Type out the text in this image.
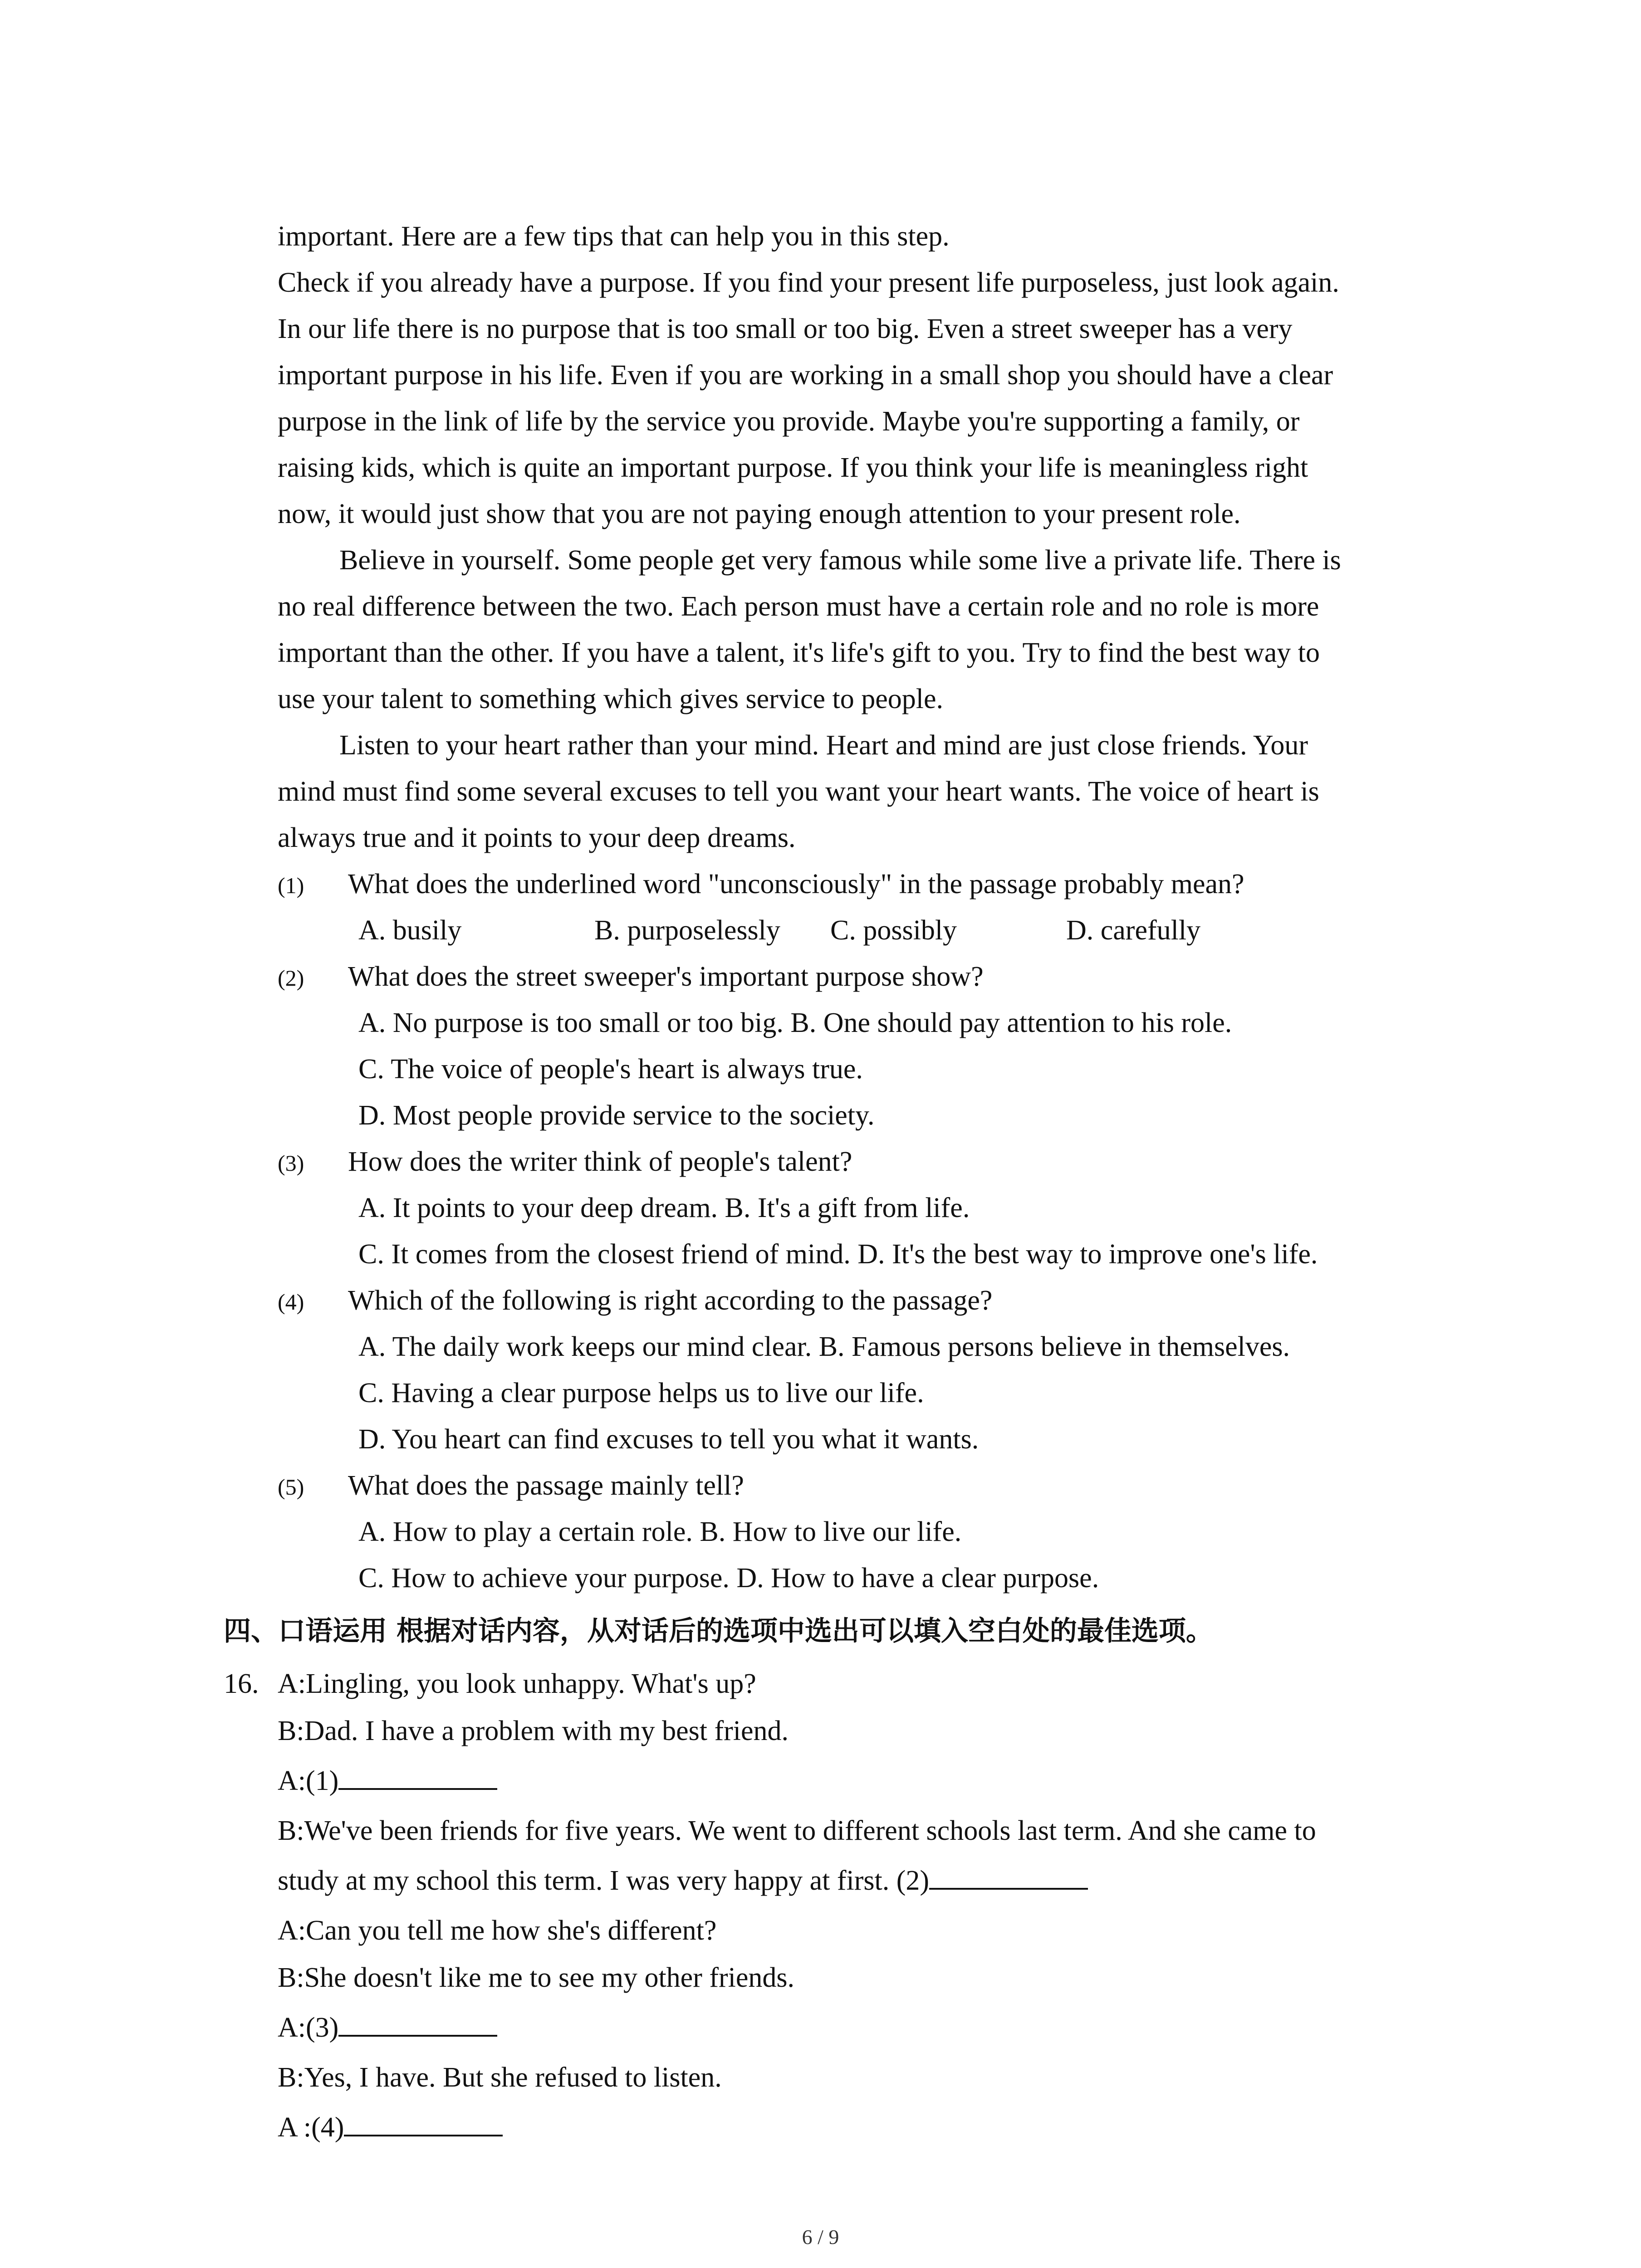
important. Here are a few tips that can help you in this step.
Check if you already have a purpose. If you find your present life purposeless, just look again.
In our life there is no purpose that is too small or too big. Even a street sweeper has a very
important purpose in his life. Even if you are working in a small shop you should have a clear
purpose in the link of life by the service you provide. Maybe you're supporting a family, or
raising kids, which is quite an important purpose. If you think your life is meaningless right
now, it would just show that you are not paying enough attention to your present role.
Believe in yourself. Some people get very famous while some live a private life. There is
no real difference between the two. Each person must have a certain role and no role is more
important than the other. If you have a talent, it's life's gift to you. Try to find the best way to
use your talent to something which gives service to people.
Listen to your heart rather than your mind. Heart and mind are just close friends. Your
mind must find some several excuses to tell you want your heart wants. The voice of heart is
always true and it points to your deep dreams.
(1)	What does the underlined word "unconsciously" in the passage probably mean?
A. busily	B. purposelessly	C. possibly	D. carefully
(2)	What does the street sweeper's important purpose show?
A. No purpose is too small or too big. B. One should pay attention to his role.
C. The voice of people's heart is always true.
D. Most people provide service to the society.
(3)	How does the writer think of people's talent?
A. It points to your deep dream. B. It's a gift from life.
C. It comes from the closest friend of mind. D. It's the best way to improve one's life.
(4)	Which of the following is right according to the passage?
A. The daily work keeps our mind clear. B. Famous persons believe in themselves.
C. Having a clear purpose helps us to live our life.
D. You heart can find excuses to tell you what it wants.
(5)	What does the passage mainly tell?
A. How to play a certain role. B. How to live our life.
C. How to achieve your purpose. D. How to have a clear purpose.
四、口语运用 根据对话内容，从对话后的选项中选出可以填入空白处的最佳选项。
16. A:Lingling, you look unhappy. What's up?
B:Dad. I have a problem with my best friend.
A:(1)
B:We've been friends for five years. We went to different schools last term. And she came to
study at my school this term. I was very happy at first. (2)
A:Can you tell me how she's different?
B:She doesn't like me to see my other friends.
A:(3)
B:Yes, I have. But she refused to listen.
A :(4)
6 / 9
